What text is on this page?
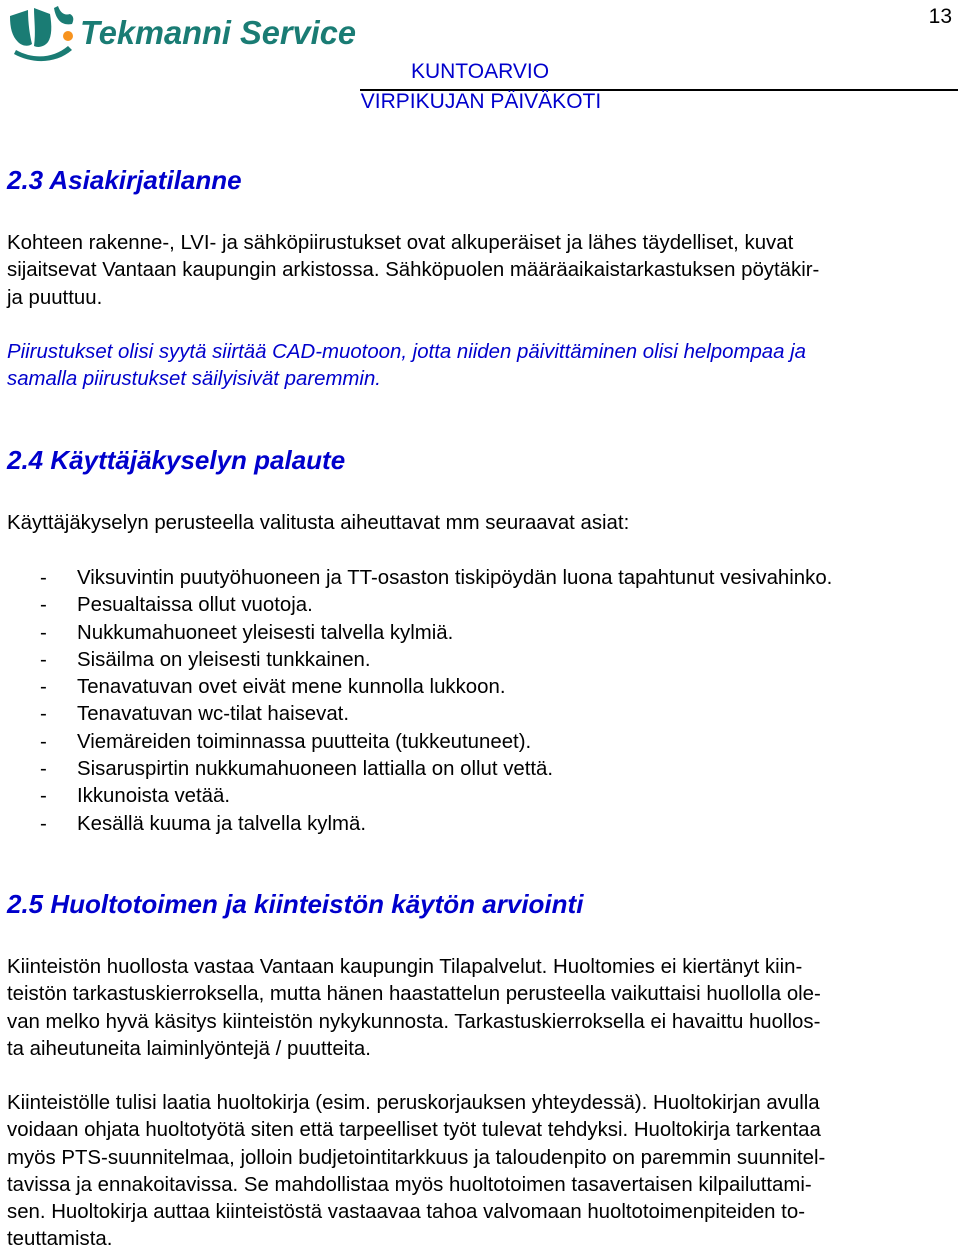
Tekmanni Service	13
KUNTOARVIO
VIRPIKUJAN PÄIVÄKOTI
2.3 Asiakirjatilanne

Kohteen rakenne-, LVI- ja sähköpiirustukset ovat alkuperäiset ja lähes täydelliset, kuvat
sijaitsevat Vantaan kaupungin arkistossa. Sähköpuolen määräaikaistarkastuksen pöytäkir-
ja puuttuu.

Piirustukset olisi syytä siirtää CAD-muotoon, jotta niiden päivittäminen olisi helpompaa ja
samalla piirustukset säilyisivät paremmin.

2.4 Käyttäjäkyselyn palaute

Käyttäjäkyselyn perusteella valitusta aiheuttavat mm seuraavat asiat:

-	Viksuvintin puutyöhuoneen ja TT-osaston tiskipöydän luona tapahtunut vesivahinko.
-	Pesualtaissa ollut vuotoja.
-	Nukkumahuoneet yleisesti talvella kylmiä.
-	Sisäilma on yleisesti tunkkainen.
-	Tenavatuvan ovet eivät mene kunnolla lukkoon.
-	Tenavatuvan wc-tilat haisevat.
-	Viemäreiden toiminnassa puutteita (tukkeutuneet).
-	Sisaruspirtin nukkumahuoneen lattialla on ollut vettä.
-	Ikkunoista vetää.
-	Kesällä kuuma ja talvella kylmä.
2.5 Huoltotoimen ja kiinteistön käytön arviointi

Kiinteistön huollosta vastaa Vantaan kaupungin Tilapalvelut. Huoltomies ei kiertänyt kiin-
teistön tarkastuskierroksella, mutta hänen haastattelun perusteella vaikuttaisi huollolla ole-
van melko hyvä käsitys kiinteistön nykykunnosta. Tarkastuskierroksella ei havaittu huollos-
ta aiheutuneita laiminlyöntejä / puutteita.

Kiinteistölle tulisi laatia huoltokirja (esim. peruskorjauksen yhteydessä). Huoltokirjan avulla
voidaan ohjata huoltotyötä siten että tarpeelliset työt tulevat tehdyksi. Huoltokirja tarkentaa
myös PTS-suunnitelmaa, jolloin budjetointitarkkuus ja taloudenpito on paremmin suunnitel-
tavissa ja ennakoitavissa. Se mahdollistaa myös huoltotoimen tasavertaisen kilpailuttami-
sen. Huoltokirja auttaa kiinteistöstä vastaavaa tahoa valvomaan huoltotoimenpiteiden to-
teuttamista.
